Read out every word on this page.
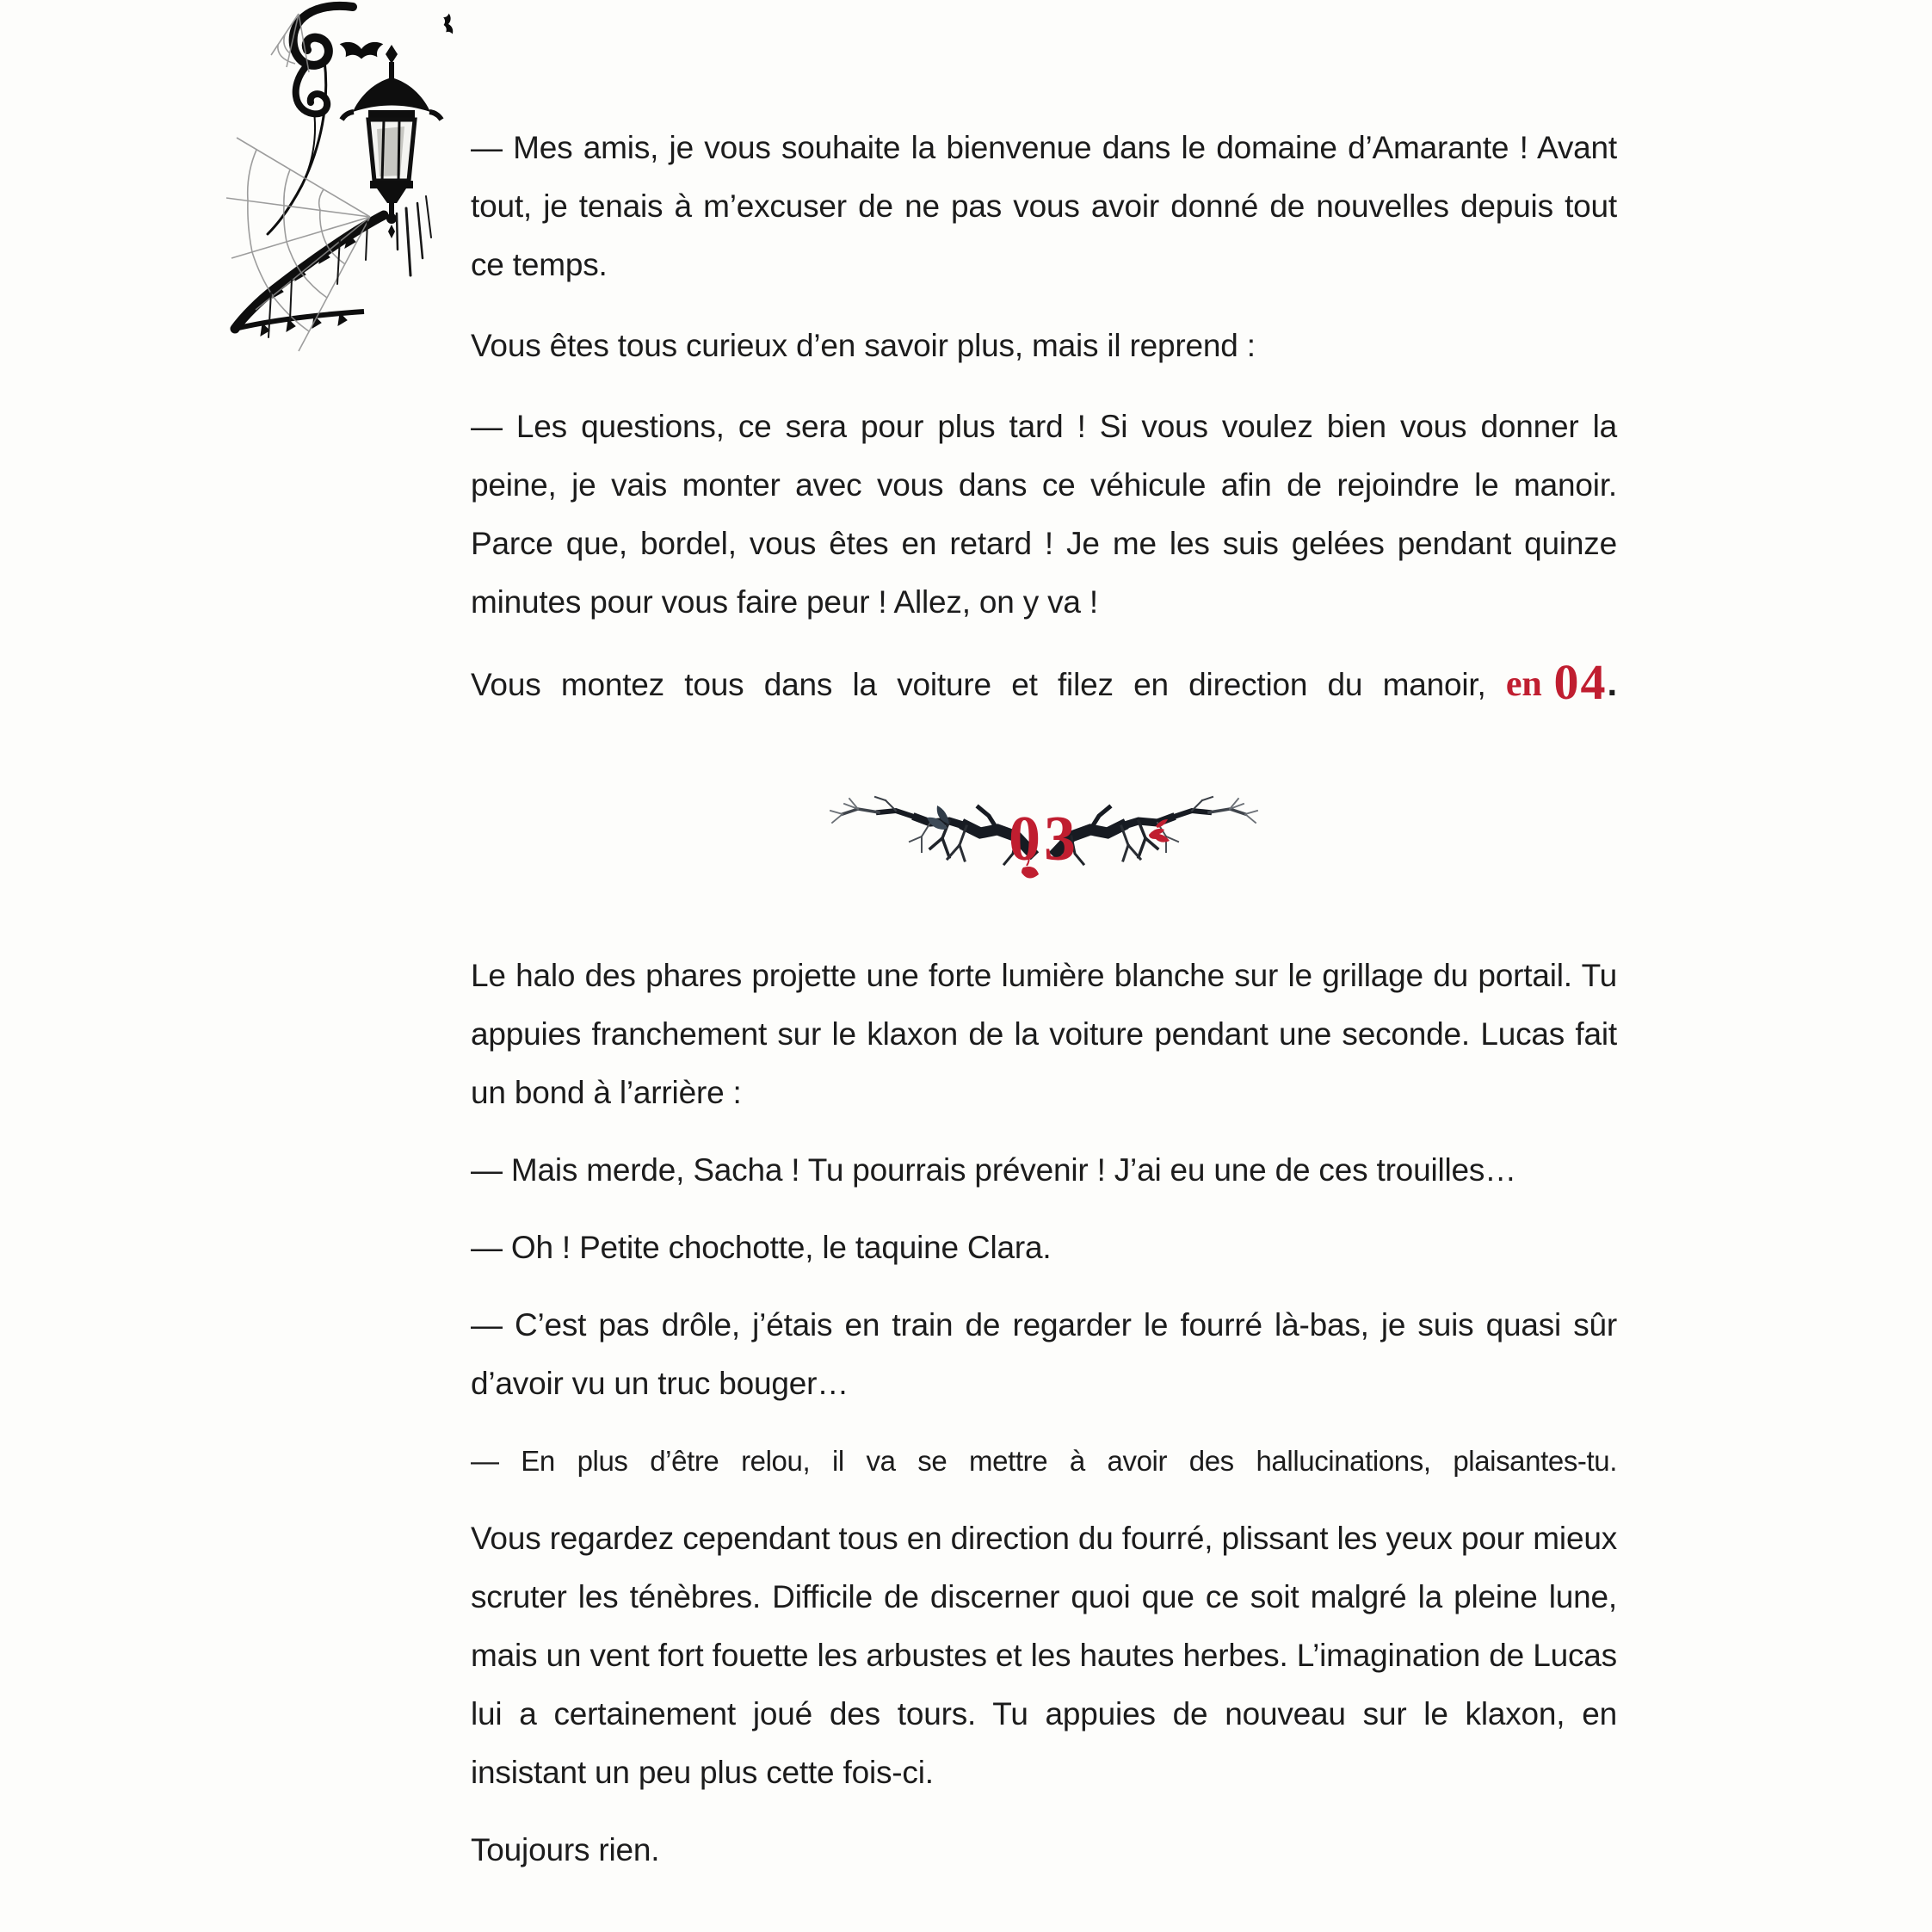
— Mes amis, je vous souhaite la bienvenue dans le domaine d’Amarante ! Avant tout, je tenais à m’excuser de ne pas vous avoir donné de nouvelles depuis tout ce temps.

Vous êtes tous curieux d’en savoir plus, mais il reprend :

— Les questions, ce sera pour plus tard ! Si vous voulez bien vous donner la peine, je vais monter avec vous dans ce véhicule afin de rejoindre le manoir. Parce que, bordel, vous êtes en retard ! Je me les suis gelées pendant quinze minutes pour vous faire peur ! Allez, on y va !

Vous montez tous dans la voiture et filez en direction du manoir, en 04.

03

Le halo des phares projette une forte lumière blanche sur le grillage du portail. Tu appuies franchement sur le klaxon de la voiture pendant une seconde. Lucas fait un bond à l’arrière :

— Mais merde, Sacha ! Tu pourrais prévenir ! J’ai eu une de ces trouilles…

— Oh ! Petite chochotte, le taquine Clara.

— C’est pas drôle, j’étais en train de regarder le fourré là-bas, je suis quasi sûr d’avoir vu un truc bouger…

— En plus d’être relou, il va se mettre à avoir des hallucinations, plaisantes-tu.

Vous regardez cependant tous en direction du fourré, plissant les yeux pour mieux scruter les ténèbres. Difficile de discerner quoi que ce soit malgré la pleine lune, mais un vent fort fouette les arbustes et les hautes herbes. L’imagination de Lucas lui a certainement joué des tours. Tu appuies de nouveau sur le klaxon, en insistant un peu plus cette fois-ci.

Toujours rien.
